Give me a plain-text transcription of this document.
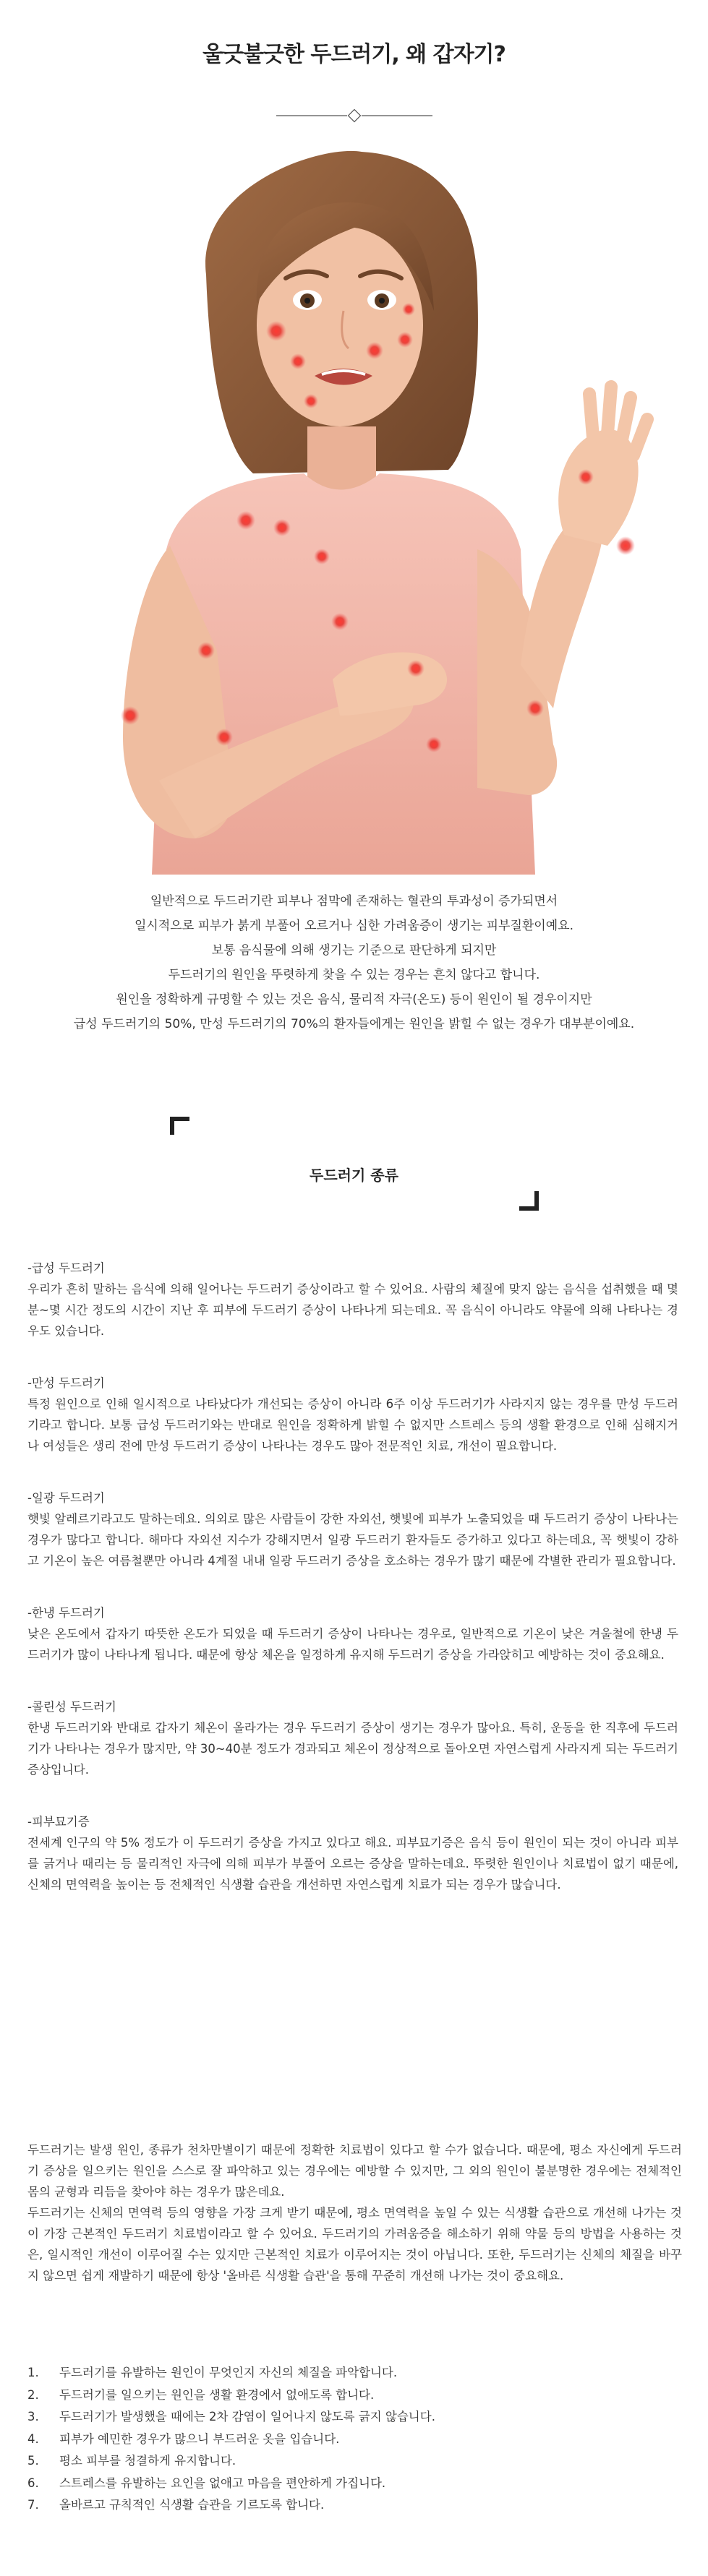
울긋불긋한 두드러기, 왜 갑자기?

일반적으로 두드러기란 피부나 점막에 존재하는 혈관의 투과성이 증가되면서

일시적으로 피부가 붉게 부풀어 오르거나 심한 가려움증이 생기는 피부질환이예요.

보통 음식물에 의해 생기는 기준으로 판단하게 되지만

두드러기의 원인을 뚜렷하게 찾을 수 있는 경우는 흔치 않다고 합니다.

원인을 정확하게 규명할 수 있는 것은 음식, 물리적 자극(온도) 등이 원인이 될 경우이지만

급성 두드러기의 50%, 만성 두드러기의 70%의 환자들에게는 원인을 밝힐 수 없는 경우가 대부분이예요.

두드러기 종류
-급성 두드러기

우리가 흔히 말하는 음식에 의해 일어나는 두드러기 증상이라고 할 수 있어요. 사람의 체질에 맞지 않는 음식을 섭취했을 때 몇 분~몇 시간 정도의 시간이 지난 후 피부에 두드러기 증상이 나타나게 되는데요. 꼭 음식이 아니라도 약물에 의해 나타나는 경우도 있습니다.

-만성 두드러기

특정 원인으로 인해 일시적으로 나타났다가 개선되는 증상이 아니라 6주 이상 두드러기가 사라지지 않는 경우를 만성 두드러기라고 합니다. 보통 급성 두드러기와는 반대로 원인을 정확하게 밝힐 수 없지만 스트레스 등의 생활 환경으로 인해 심해지거나 여성들은 생리 전에 만성 두드러기 증상이 나타나는 경우도 많아 전문적인 치료, 개선이 필요합니다.

-일광 두드러기

햇빛 알레르기라고도 말하는데요. 의외로 많은 사람들이 강한 자외선, 햇빛에 피부가 노출되었을 때 두드러기 증상이 나타나는 경우가 많다고 합니다. 해마다 자외선 지수가 강해지면서 일광 두드러기 환자들도 증가하고 있다고 하는데요, 꼭 햇빛이 강하고 기온이 높은 여름철뿐만 아니라 4계절 내내 일광 두드러기 증상을 호소하는 경우가 많기 때문에 각별한 관리가 필요합니다.

-한냉 두드러기

낮은 온도에서 갑자기 따뜻한 온도가 되었을 때 두드러기 증상이 나타나는 경우로, 일반적으로 기온이 낮은 겨울철에 한냉 두드러기가 많이 나타나게 됩니다. 때문에 항상 체온을 일정하게 유지해 두드러기 증상을 가라앉히고 예방하는 것이 중요해요.

-콜린성 두드러기

한냉 두드러기와 반대로 갑자기 체온이 올라가는 경우 두드러기 증상이 생기는 경우가 많아요. 특히, 운동을 한 직후에 두드러기가 나타나는 경우가 많지만, 약 30~40분 정도가 경과되고 체온이 정상적으로 돌아오면 자연스럽게 사라지게 되는 두드러기 증상입니다.

-피부묘기증

전세계 인구의 약 5% 정도가 이 두드러기 증상을 가지고 있다고 해요. 피부묘기증은 음식 등이 원인이 되는 것이 아니라 피부를 긁거나 때리는 등 물리적인 자극에 의해 피부가 부풀어 오르는 증상을 말하는데요. 뚜렷한 원인이나 치료법이 없기 때문에, 신체의 면역력을 높이는 등 전체적인 식생활 습관을 개선하면 자연스럽게 치료가 되는 경우가 많습니다.

두드러기는 발생 원인, 종류가 천차만별이기 때문에 정확한 치료법이 있다고 할 수가 없습니다. 때문에, 평소 자신에게 두드러기 증상을 일으키는 원인을 스스로 잘 파악하고 있는 경우에는 예방할 수 있지만, 그 외의 원인이 불분명한 경우에는 전체적인 몸의 균형과 리듬을 찾아야 하는 경우가 많은데요.

두드러기는 신체의 면역력 등의 영향을 가장 크게 받기 때문에, 평소 면역력을 높일 수 있는 식생활 습관으로 개선해 나가는 것이 가장 근본적인 두드러기 치료법이라고 할 수 있어요. 두드러기의 가려움증을 해소하기 위해 약물 등의 방법을 사용하는 것은, 일시적인 개선이 이루어질 수는 있지만 근본적인 치료가 이루어지는 것이 아닙니다. 또한, 두드러기는 신체의 체질을 바꾸지 않으면 쉽게 재발하기 때문에 항상 '올바른 식생활 습관'을 통해 꾸준히 개선해 나가는 것이 중요해요.

1.	두드러기를 유발하는 원인이 무엇인지 자신의 체질을 파악합니다.
2.	두드러기를 일으키는 원인을 생활 환경에서 없애도록 합니다.
3.	두드러기가 발생했을 때에는 2차 감염이 일어나지 않도록 긁지 않습니다.
4.	피부가 예민한 경우가 많으니 부드러운 옷을 입습니다.
5.	평소 피부를 청결하게 유지합니다.
6.	스트레스를 유발하는 요인을 없애고 마음을 편안하게 가집니다.
7.	올바르고 규칙적인 식생활 습관을 기르도록 합니다.
